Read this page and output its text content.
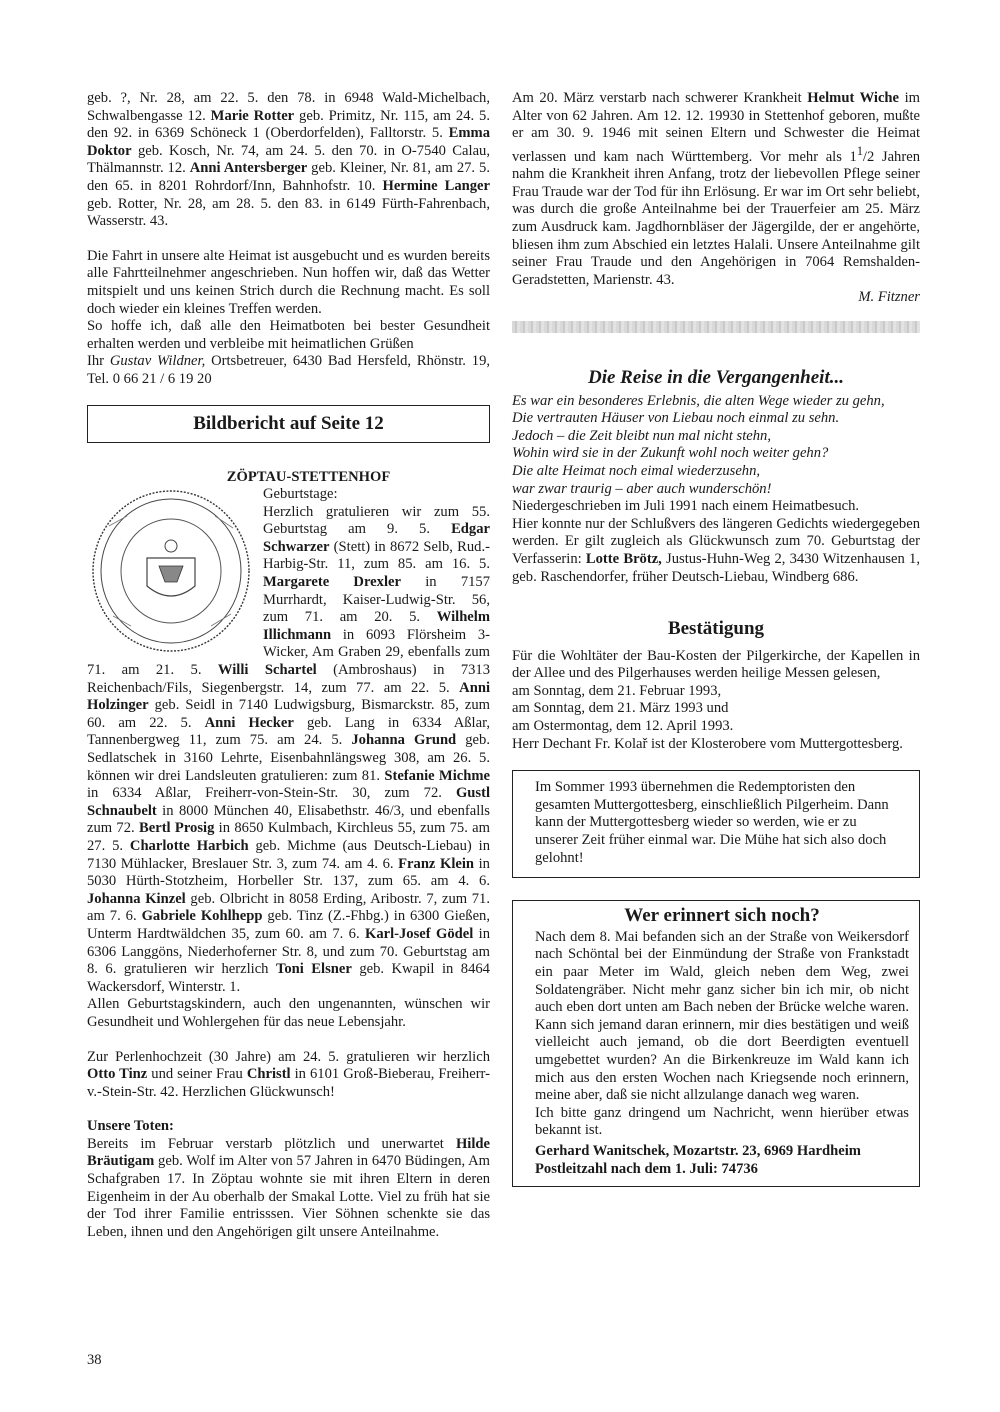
geb. ?, Nr. 28, am 22. 5. den 78. in 6948 Wald-Michelbach, Schwalbengasse 12. Marie Rotter geb. Primitz, Nr. 115, am 24. 5. den 92. in 6369 Schöneck 1 (Oberdorfelden), Falltorstr. 5. Emma Doktor geb. Kosch, Nr. 74, am 24. 5. den 70. in O-7540 Calau, Thälmannstr. 12. Anni Antersberger geb. Kleiner, Nr. 81, am 27. 5. den 65. in 8201 Rohrdorf/Inn, Bahnhofstr. 10. Hermine Langer geb. Rotter, Nr. 28, am 28. 5. den 83. in 6149 Fürth-Fahrenbach, Wasserstr. 43.

Die Fahrt in unsere alte Heimat ist ausgebucht und es wurden bereits alle Fahrtteilnehmer angeschrieben. Nun hoffen wir, daß das Wetter mitspielt und uns keinen Strich durch die Rechnung macht. Es soll doch wieder ein kleines Treffen werden.

So hoffe ich, daß alle den Heimatboten bei bester Gesundheit erhalten werden und verbleibe mit heimatlichen Grüßen

Ihr Gustav Wildner, Ortsbetreuer, 6430 Bad Hersfeld, Rhönstr. 19, Tel. 0 66 21 / 6 19 20

Bildbericht auf Seite 12

ZÖPTAU-STETTENHOF

Geburtstage:
Herzlich gratulieren wir zum 55. Geburtstag am 9. 5. Edgar Schwarzer (Stett) in 8672 Selb, Rud.-Harbig-Str. 11, zum 85. am 16. 5. Margarete Drexler in 7157 Murrhardt, Kaiser-Ludwig-Str. 56, zum 71. am 20. 5. Wilhelm Illichmann in 6093 Flörsheim 3-Wicker, Am Graben 29, ebenfalls zum 71. am 21. 5. Willi Schartel (Ambroshaus) in 7313 Reichenbach/Fils, Siegenbergstr. 14, zum 77. am 22. 5. Anni Holzinger geb. Seidl in 7140 Ludwigsburg, Bismarckstr. 85, zum 60. am 22. 5. Anni Hecker geb. Lang in 6334 Aßlar, Tannenbergweg 11, zum 75. am 24. 5. Johanna Grund geb. Sedlatschek in 3160 Lehrte, Eisenbahnlängsweg 308, am 26. 5. können wir drei Landsleuten gratulieren: zum 81. Stefanie Michme in 6334 Aßlar, Freiherr-von-Stein-Str. 30, zum 72. Gustl Schnaubelt in 8000 München 40, Elisabethstr. 46/3, und ebenfalls zum 72. Bertl Prosig in 8650 Kulmbach, Kirchleus 55, zum 75. am 27. 5. Charlotte Harbich geb. Michme (aus Deutsch-Liebau) in 7130 Mühlacker, Breslauer Str. 3, zum 74. am 4. 6. Franz Klein in 5030 Hürth-Stotzheim, Horbeller Str. 137, zum 65. am 4. 6. Johanna Kinzel geb. Olbricht in 8058 Erding, Aribostr. 7, zum 71. am 7. 6. Gabriele Kohlhepp geb. Tinz (Z.-Fhbg.) in 6300 Gießen, Unterm Hardtwäldchen 35, zum 60. am 7. 6. Karl-Josef Gödel in 6306 Langgöns, Niederhoferner Str. 8, und zum 70. Geburtstag am 8. 6. gratulieren wir herzlich Toni Elsner geb. Kwapil in 8464 Wackersdorf, Winterstr. 1.

Allen Geburtstagskindern, auch den ungenannten, wünschen wir Gesundheit und Wohlergehen für das neue Lebensjahr.

Zur Perlenhochzeit (30 Jahre) am 24. 5. gratulieren wir herzlich Otto Tinz und seiner Frau Christl in 6101 Groß-Bieberau, Freiherr-v.-Stein-Str. 42. Herzlichen Glückwunsch!

Unsere Toten:

Bereits im Februar verstarb plötzlich und unerwartet Hilde Bräutigam geb. Wolf im Alter von 57 Jahren in 6470 Büdingen, Am Schafgraben 17. In Zöptau wohnte sie mit ihren Eltern in deren Eigenheim in der Au oberhalb der Smakal Lotte. Viel zu früh hat sie der Tod ihrer Familie entrisssen. Vier Söhnen schenkte sie das Leben, ihnen und den Angehörigen gilt unsere Anteilnahme.

Am 20. März verstarb nach schwerer Krankheit Helmut Wiche im Alter von 62 Jahren. Am 12. 12. 19930 in Stettenhof geboren, mußte er am 30. 9. 1946 mit seinen Eltern und Schwester die Heimat verlassen und kam nach Württemberg. Vor mehr als $1^1/2$ Jahren nahm die Krankheit ihren Anfang, trotz der liebevollen Pflege seiner Frau Traude war der Tod für ihn Erlösung. Er war im Ort sehr beliebt, was durch die große Anteilnahme bei der Trauerfeier am 25. März zum Ausdruck kam. Jagdhornbläser der Jägergilde, der er angehörte, bliesen ihm zum Abschied ein letztes Halali. Unsere Anteilnahme gilt seiner Frau Traude und den Angehörigen in 7064 Remshalden-Geradstetten, Marienstr. 43.

M. Fitzner

Die Reise in die Vergangenheit...

Es war ein besonderes Erlebnis, die alten Wege wieder zu gehn,

Die vertrauten Häuser von Liebau noch einmal zu sehn.

Jedoch – die Zeit bleibt nun mal nicht stehn,

Wohin wird sie in der Zukunft wohl noch weiter gehn?

Die alte Heimat noch eimal wiederzusehn,

war zwar traurig – aber auch wunderschön!

Niedergeschrieben im Juli 1991 nach einem Heimatbesuch.
Hier konnte nur der Schlußvers des längeren Gedichts wiedergegeben werden. Er gilt zugleich als Glückwunsch zum 70. Geburtstag der Verfasserin: Lotte Brötz, Justus-Huhn-Weg 2, 3430 Witzenhausen 1, geb. Raschendorfer, früher Deutsch-Liebau, Windberg 686.

Bestätigung

Für die Wohltäter der Bau-Kosten der Pilgerkirche, der Kapellen in der Allee und des Pilgerhauses werden heilige Messen gelesen,

am Sonntag, dem 21. Februar 1993,

am Sonntag, dem 21. März 1993 und

am Ostermontag, dem 12. April 1993.

Herr Dechant Fr. Kolař ist der Klosterobere vom Muttergottesberg.

Im Sommer 1993 übernehmen die Redemptoristen den gesamten Muttergottesberg, einschließlich Pilgerheim. Dann kann der Muttergottesberg wieder so werden, wie er zu unserer Zeit früher einmal war. Die Mühe hat sich also doch gelohnt!

Wer erinnert sich noch?

Nach dem 8. Mai befanden sich an der Straße von Weikersdorf nach Schöntal bei der Einmündung der Straße von Frankstadt ein paar Meter im Wald, gleich neben dem Weg, zwei Soldatengräber. Nicht mehr ganz sicher bin ich mir, ob nicht auch eben dort unten am Bach neben der Brücke welche waren. Kann sich jemand daran erinnern, mir dies bestätigen und weiß vielleicht auch jemand, ob die dort Beerdigten eventuell umgebettet wurden? An die Birkenkreuze im Wald kann ich mich aus den ersten Wochen nach Kriegsende noch erinnern, meine aber, daß sie nicht allzulange danach weg waren.

Ich bitte ganz dringend um Nachricht, wenn hierüber etwas bekannt ist.

Gerhard Wanitschek, Mozartstr. 23, 6969 Hardheim
Postleitzahl nach dem 1. Juli: 74736

38
